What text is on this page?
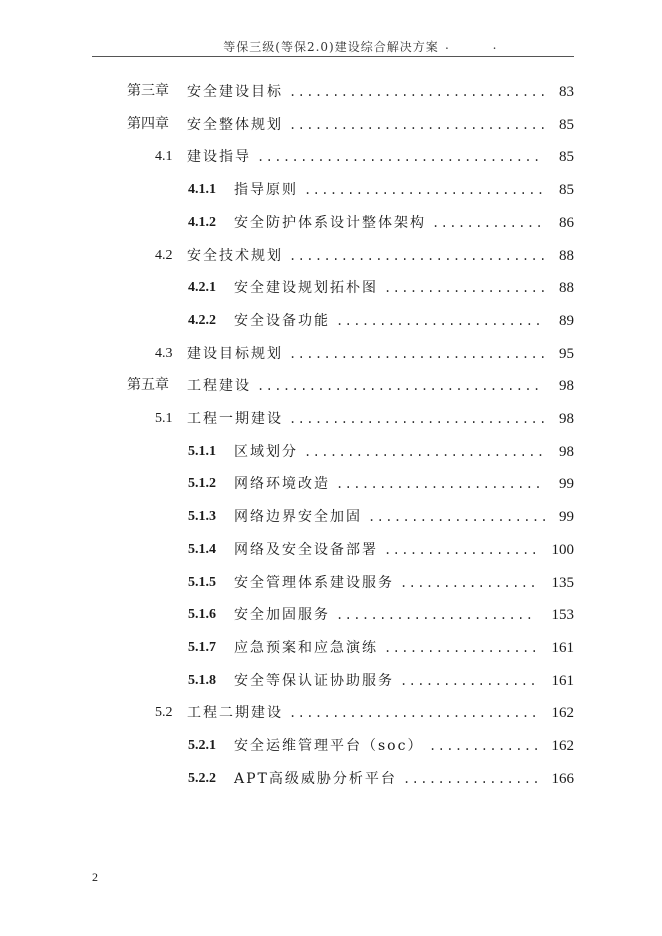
等保三级(等保2.0)建设综合解决方案 . .
第三章 安全建设目标 .............................. 83
第四章 安全整体规划 .............................. 85
4.1 建设指导 .................................	85
4.1.1 指导原则 ............................ 85
4.1.2 安全防护体系设计整体架构 ............. 86
4.2 安全技术规划 .............................. 88
4.2.1 安全建设规划拓朴图 ................... 88
4.2.2 安全设备功能 ........................	89
4.3 建设目标规划 .............................. 95
第五章 工程建设 .................................	98
5.1 工程一期建设 .............................. 98
5.1.1 区域划分 ............................ 98
5.1.2 网络环境改造 ........................	99
5.1.3 网络边界安全加固 ..................... 99
5.1.4 网络及安全设备部署 .................. 100
5.1.5 安全管理体系建设服务 ................ 135
5.1.6 安全加固服务 .......................	153
5.1.7 应急预案和应急演练 .................. 161
5.1.8 安全等保认证协助服务 ................ 161
5.2 工程二期建设 ............................. 162
5.2.1 安全运维管理平台（soc） ............. 162
5.2.2 APT高级威胁分析平台 ................ 166
2
